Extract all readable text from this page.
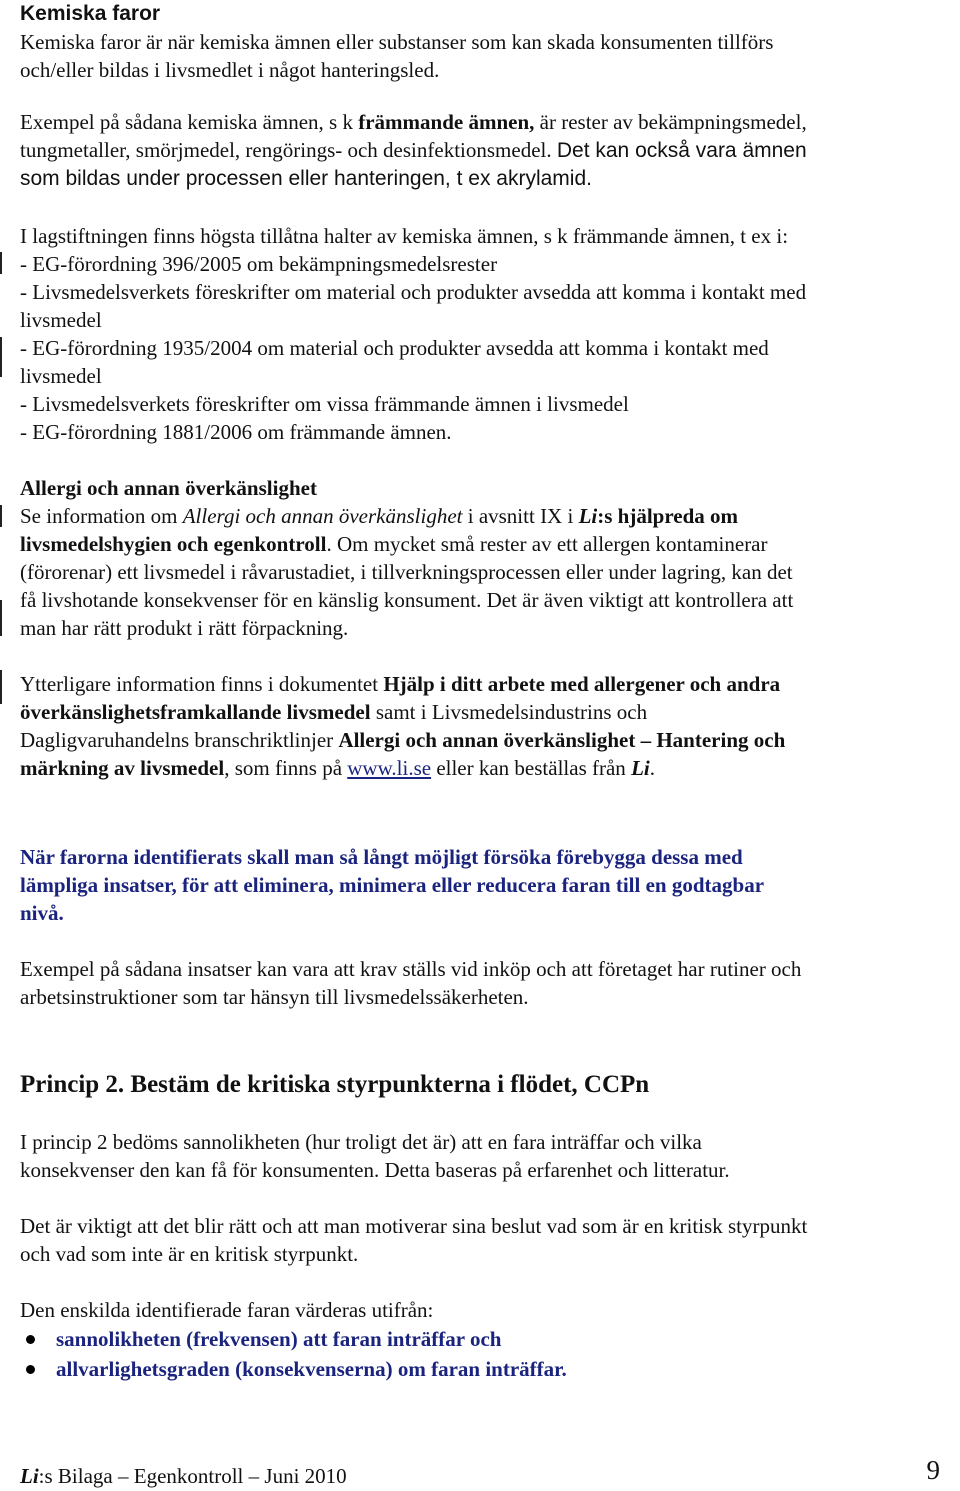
Kemiska faror

Kemiska faror är när kemiska ämnen eller substanser som kan skada konsumenten tillförs

och/eller bildas i livsmedlet i något hanteringsled.

Exempel på sådana kemiska ämnen, s k främmande ämnen, är rester av bekämpningsmedel,

tungmetaller, smörjmedel, rengörings- och desinfektionsmedel. Det kan också vara ämnen

som bildas under processen eller hanteringen, t ex akrylamid.

I lagstiftningen finns högsta tillåtna halter av kemiska ämnen, s k främmande ämnen, t ex i:

- EG-förordning 396/2005 om bekämpningsmedelsrester

- Livsmedelsverkets föreskrifter om material och produkter avsedda att komma i kontakt med

livsmedel

- EG-förordning 1935/2004 om material och produkter avsedda att komma i kontakt med

livsmedel

- Livsmedelsverkets föreskrifter om vissa främmande ämnen i livsmedel

- EG-förordning 1881/2006 om främmande ämnen.

Allergi och annan överkänslighet

Se information om Allergi och annan överkänslighet i avsnitt IX i Li:s hjälpreda om

livsmedelshygien och egenkontroll. Om mycket små rester av ett allergen kontaminerar

(förorenar) ett livsmedel i råvarustadiet, i tillverkningsprocessen eller under lagring, kan det

få livshotande konsekvenser för en känslig konsument. Det är även viktigt att kontrollera att

man har rätt produkt i rätt förpackning.

Ytterligare information finns i dokumentet Hjälp i ditt arbete med allergener och andra

överkänslighetsframkallande livsmedel samt i Livsmedelsindustrins och

Dagligvaruhandelns branschriktlinjer Allergi och annan överkänslighet – Hantering och

märkning av livsmedel, som finns på www.li.se eller kan beställas från Li.

När farorna identifierats skall man så långt möjligt försöka förebygga dessa med

lämpliga insatser, för att eliminera, minimera eller reducera faran till en godtagbar

nivå.

Exempel på sådana insatser kan vara att krav ställs vid inköp och att företaget har rutiner och

arbetsinstruktioner som tar hänsyn till livsmedelssäkerheten.

Princip 2. Bestäm de kritiska styrpunkterna i flödet, CCPn

I princip 2 bedöms sannolikheten (hur troligt det är) att en fara inträffar och vilka

konsekvenser den kan få för konsumenten. Detta baseras på erfarenhet och litteratur.

Det är viktigt att det blir rätt och att man motiverar sina beslut vad som är en kritisk styrpunkt

och vad som inte är en kritisk styrpunkt.

Den enskilda identifierade faran värderas utifrån:

sannolikheten (frekvensen) att faran inträffar och
allvarlighetsgraden (konsekvenserna) om faran inträffar.
Li:s Bilaga – Egenkontroll – Juni 2010	9
